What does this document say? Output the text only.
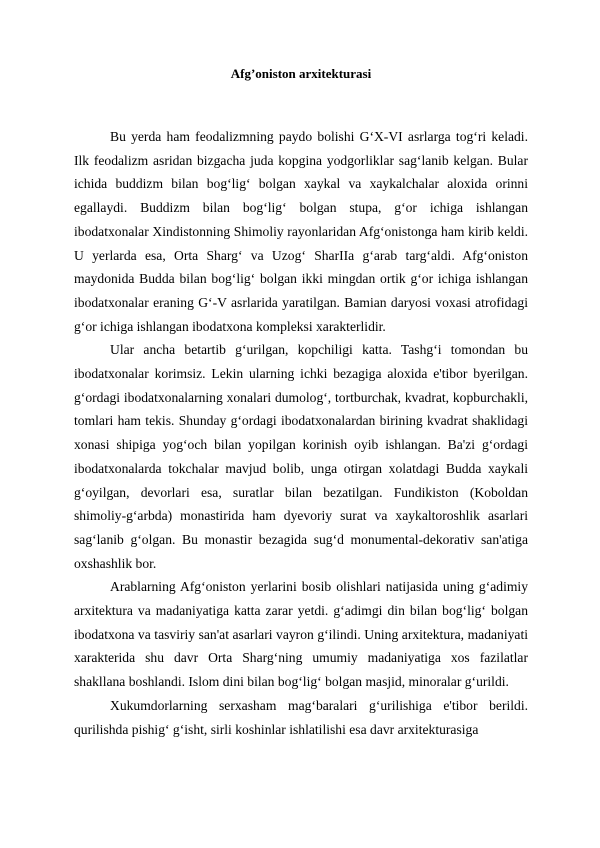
Afg’oniston arxitekturasi

Bu yerda ham feodalizmning paydo bolishi G‘X-VI asrlarga tog‘ri keladi. Ilk feodalizm asridan bizgacha juda kopgina yodgorliklar sag‘lanib kelgan. Bular ichida buddizm bilan bog‘lig‘ bolgan xaykal va xaykalchalar aloxida orinni egallaydi. Buddizm bilan bog‘lig‘ bolgan stupa, g‘or ichiga ishlangan ibodatxonalar Xindistonning Shimoliy rayonlaridan Afg‘onistonga ham kirib keldi. U yerlarda esa, Orta Sharg‘ va Uzog‘ SharIIa g‘arab targ‘aldi. Afg‘oniston maydonida Budda bilan bog‘lig‘ bolgan ikki mingdan ortik g‘or ichiga ishlangan ibodatxonalar eraning G‘-V asrlarida yaratilgan. Bamian daryosi voxasi atrofidagi g‘or ichiga ishlangan ibodatxona kompleksi xarakterlidir.

Ular ancha betartib g‘urilgan, kopchiligi katta. Tashg‘i tomondan bu ibodatxonalar korimsiz. Lekin ularning ichki bezagiga aloxida e'tibor byerilgan. g‘ordagi ibodatxonalarning xonalari dumolog‘, tortburchak, kvadrat, kopburchakli, tomlari ham tekis. Shunday g‘ordagi ibodatxonalardan birining kvadrat shaklidagi xonasi shipiga yog‘och bilan yopilgan korinish oyib ishlangan. Ba'zi g‘ordagi ibodatxonalarda tokchalar mavjud bolib, unga otirgan xolatdagi Budda xaykali g‘oyilgan, devorlari esa, suratlar bilan bezatilgan. Fundikiston (Koboldan shimoliy-g‘arbda) monastirida ham dyevoriy surat va xaykaltoroshlik asarlari sag‘lanib g‘olgan. Bu monastir bezagida sug‘d monumental-dekorativ san'atiga oxshashlik bor.

Arablarning Afg‘oniston yerlarini bosib olishlari natijasida uning g‘adimiy arxitektura va madaniyatiga katta zarar yetdi. g‘adimgi din bilan bog‘lig‘ bolgan ibodatxona va tasviriy san'at asarlari vayron g‘ilindi. Uning arxitektura, madaniyati xarakterida shu davr Orta Sharg‘ning umumiy madaniyatiga xos fazilatlar shakllana boshlandi. Islom dini bilan bog‘lig‘ bolgan masjid, minoralar g‘urildi.

Xukumdorlarning serxasham mag‘baralari g‘urilishiga e'tibor berildi. qurilishda pishig‘ g‘isht, sirli koshinlar ishlatilishi esa davr arxitekturasiga
